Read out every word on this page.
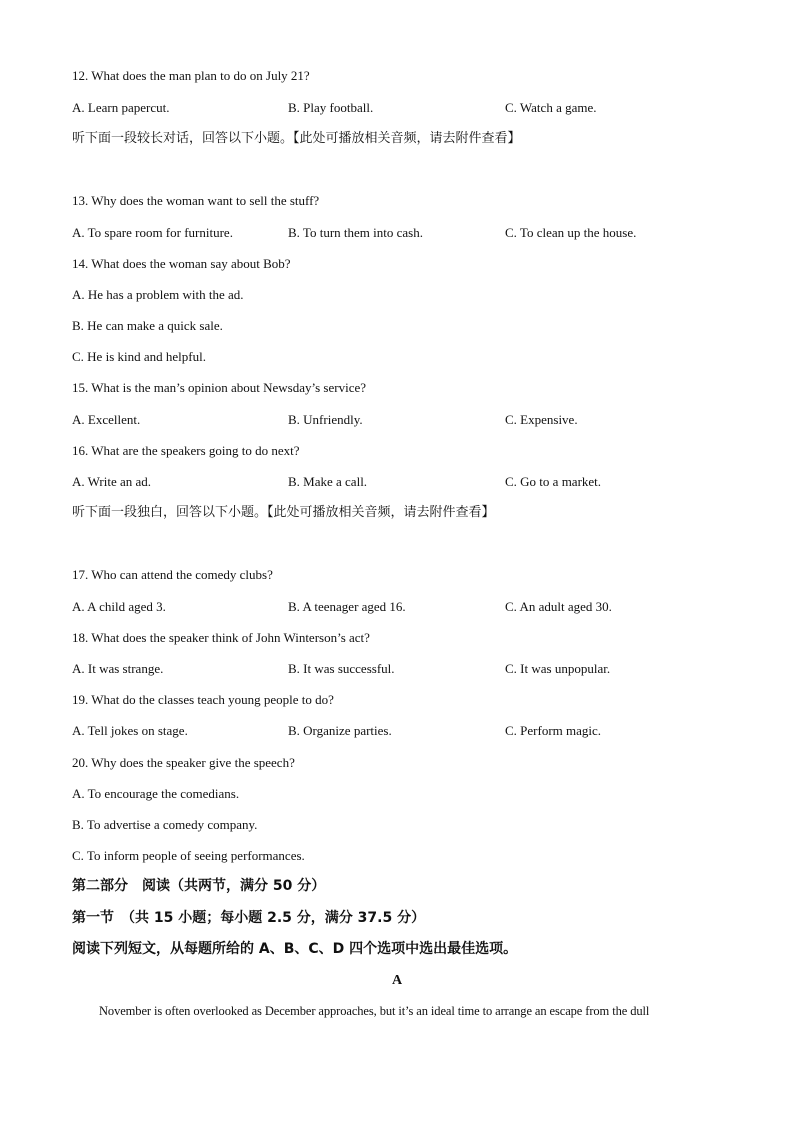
12. What does the man plan to do on July 21?
A. Learn papercut.	B. Play football.	C. Watch a game.
听下面一段较长对话，回答以下小题。【此处可播放相关音频，请去附件查看】
13. Why does the woman want to sell the stuff?
A. To spare room for furniture.	B. To turn them into cash.	C. To clean up the house.
14. What does the woman say about Bob?
A. He has a problem with the ad.
B. He can make a quick sale.
C. He is kind and helpful.
15. What is the man’s opinion about Newsday’s service?
A. Excellent.	B. Unfriendly.	C. Expensive.
16. What are the speakers going to do next?
A. Write an ad.	B. Make a call.	C. Go to a market.
听下面一段独白，回答以下小题。【此处可播放相关音频，请去附件查看】
17. Who can attend the comedy clubs?
A. A child aged 3.	B. A teenager aged 16.	C. An adult aged 30.
18. What does the speaker think of John Winterson’s act?
A. It was strange.	B. It was successful.	C. It was unpopular.
19. What do the classes teach young people to do?
A. Tell jokes on stage.	B. Organize parties.	C. Perform magic.
20. Why does the speaker give the speech?
A. To encourage the comedians.
B. To advertise a comedy company.
C. To inform people of seeing performances.
第二部分　阅读（共两节，满分 50 分）
第一节　（共 15 小题；每小题 2.5 分，满分 37.5 分）
阅读下列短文，从每题所给的 A、B、C、D 四个选项中选出最佳选项。
A
November is often overlooked as December approaches, but it’s an ideal time to arrange an escape from the dull
